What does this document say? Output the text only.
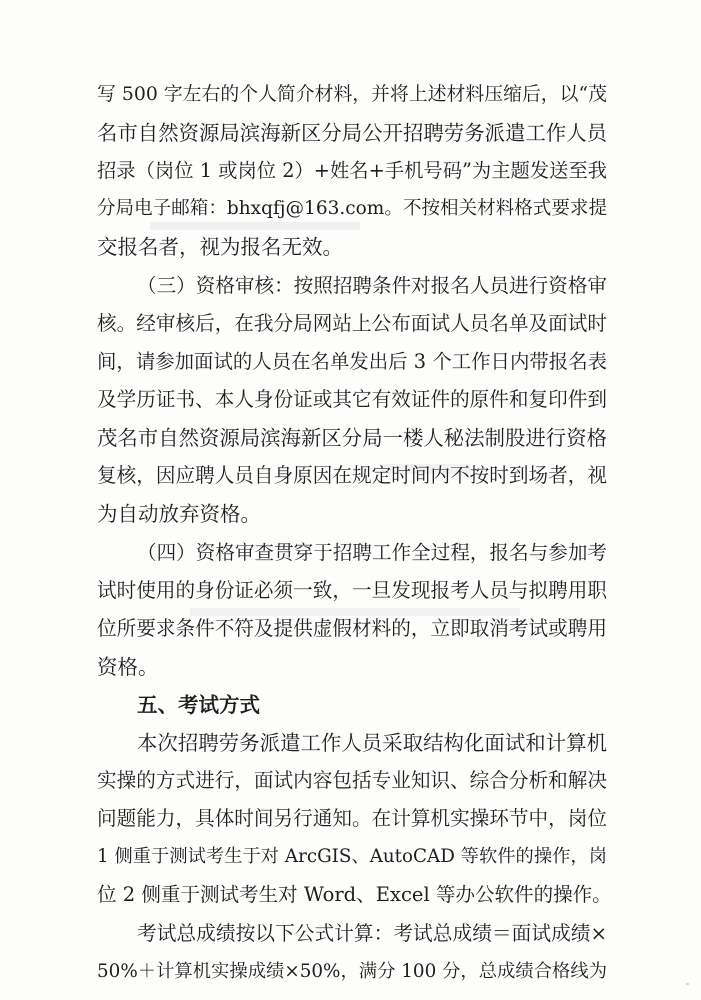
写 500 字左右的个人简介材料，并将上述材料压缩后，以“茂
名市自然资源局滨海新区分局公开招聘劳务派遣工作人员
招录（岗位 1 或岗位 2）+姓名+手机号码”为主题发送至我
分局电子邮箱：bhxqfj@163.com。不按相关材料格式要求提
交报名者，视为报名无效。
（三）资格审核：按照招聘条件对报名人员进行资格审
核。经审核后，在我分局网站上公布面试人员名单及面试时
间，请参加面试的人员在名单发出后 3 个工作日内带报名表
及学历证书、本人身份证或其它有效证件的原件和复印件到
茂名市自然资源局滨海新区分局一楼人秘法制股进行资格
复核，因应聘人员自身原因在规定时间内不按时到场者，视
为自动放弃资格。
（四）资格审查贯穿于招聘工作全过程，报名与参加考
试时使用的身份证必须一致，一旦发现报考人员与拟聘用职
位所要求条件不符及提供虚假材料的，立即取消考试或聘用
资格。
五、考试方式
本次招聘劳务派遣工作人员采取结构化面试和计算机
实操的方式进行，面试内容包括专业知识、综合分析和解决
问题能力，具体时间另行通知。在计算机实操环节中，岗位
1 侧重于测试考生于对 ArcGIS、AutoCAD 等软件的操作，岗
位 2 侧重于测试考生对 Word、Excel 等办公软件的操作。
考试总成绩按以下公式计算：考试总成绩＝面试成绩×
50%＋计算机实操成绩×50%，满分 100 分，总成绩合格线为
